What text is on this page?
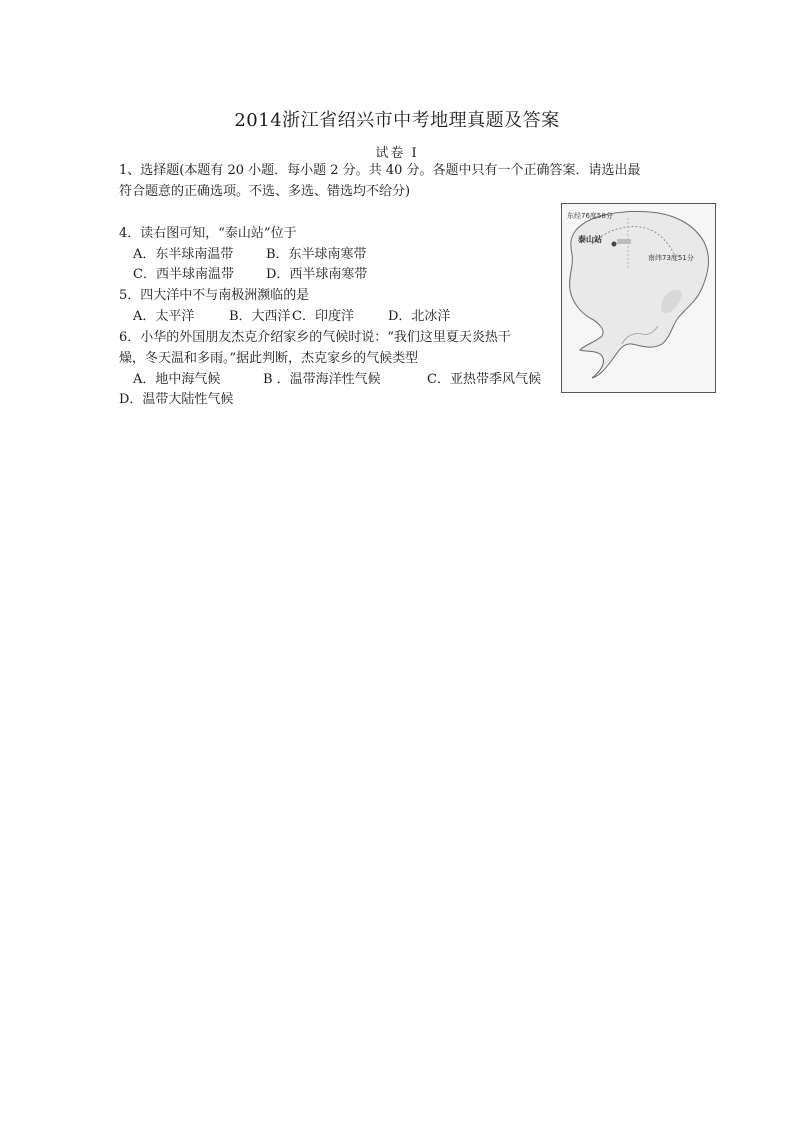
2014浙江省绍兴市中考地理真题及答案
试卷 Ⅰ
1、选择题(本题有 20 小题．每小题 2 分。共 40 分。各题中只有一个正确答案．请选出最
符合题意的正确选项。不选、多选、错选均不给分)
4．读右图可知，“泰山站”位于
A．东半球南温带	B．东半球南寒带
C．西半球南温带 D．西半球南寒带
5．四大洋中不与南极洲濒临的是
A．太平洋	B．大西洋C．印度洋	D．北冰洋
6．小华的外国朋友杰克介绍家乡的气候时说：“我们这里夏天炎热干
燥，冬天温和多雨。”据此判断，杰克家乡的气候类型
A．地中海气候	B ．温带海洋性气候	C．亚热带季风气候
D．温带大陆性气候
东经76度58分
泰山站
南纬73度51分
